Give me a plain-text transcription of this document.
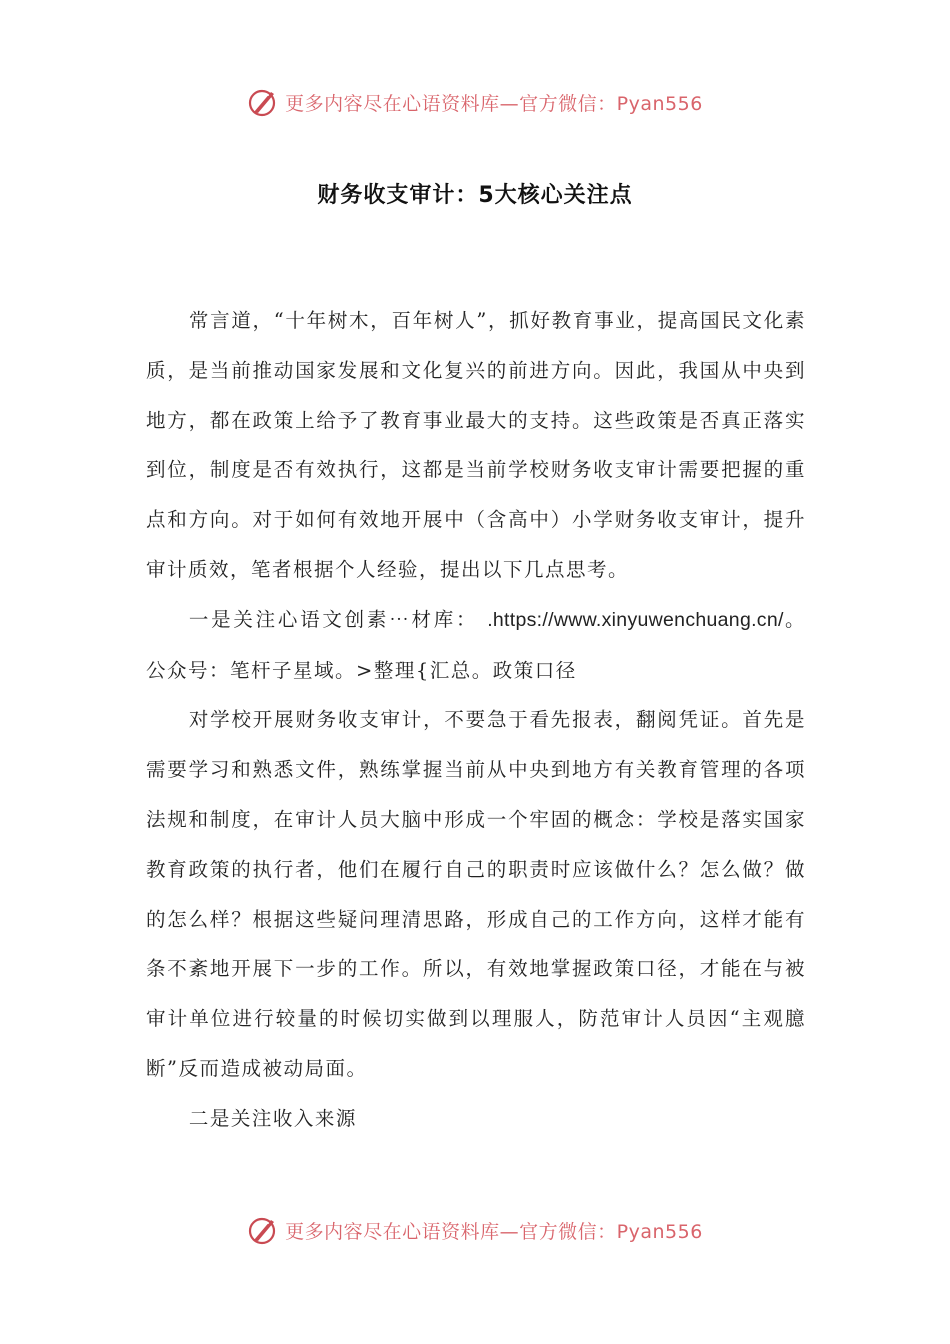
更多内容尽在心语资料库—官方微信：Pyan556
财务收支审计：5大核心关注点

常言道，“十年树木，百年树人”，抓好教育事业，提高国民文化素质，是当前推动国家发展和文化复兴的前进方向。因此，我国从中央到地方，都在政策上给予了教育事业最大的支持。这些政策是否真正落实到位，制度是否有效执行，这都是当前学校财务收支审计需要把握的重点和方向。对于如何有效地开展中（含高中）小学财务收支审计，提升审计质效，笔者根据个人经验，提出以下几点思考。

一是关注心语文创素⋯材库： .https://www.xinyuwenchuang.cn/。公众号：笔杆子星域。>整理{汇总。政策口径

对学校开展财务收支审计，不要急于看先报表，翻阅凭证。首先是需要学习和熟悉文件，熟练掌握当前从中央到地方有关教育管理的各项法规和制度，在审计人员大脑中形成一个牢固的概念：学校是落实国家教育政策的执行者，他们在履行自己的职责时应该做什么？怎么做？做的怎么样？根据这些疑问理清思路，形成自己的工作方向，这样才能有条不紊地开展下一步的工作。所以，有效地掌握政策口径，才能在与被审计单位进行较量的时候切实做到以理服人，防范审计人员因“主观臆断”反而造成被动局面。

二是关注收入来源

更多内容尽在心语资料库—官方微信：Pyan556
